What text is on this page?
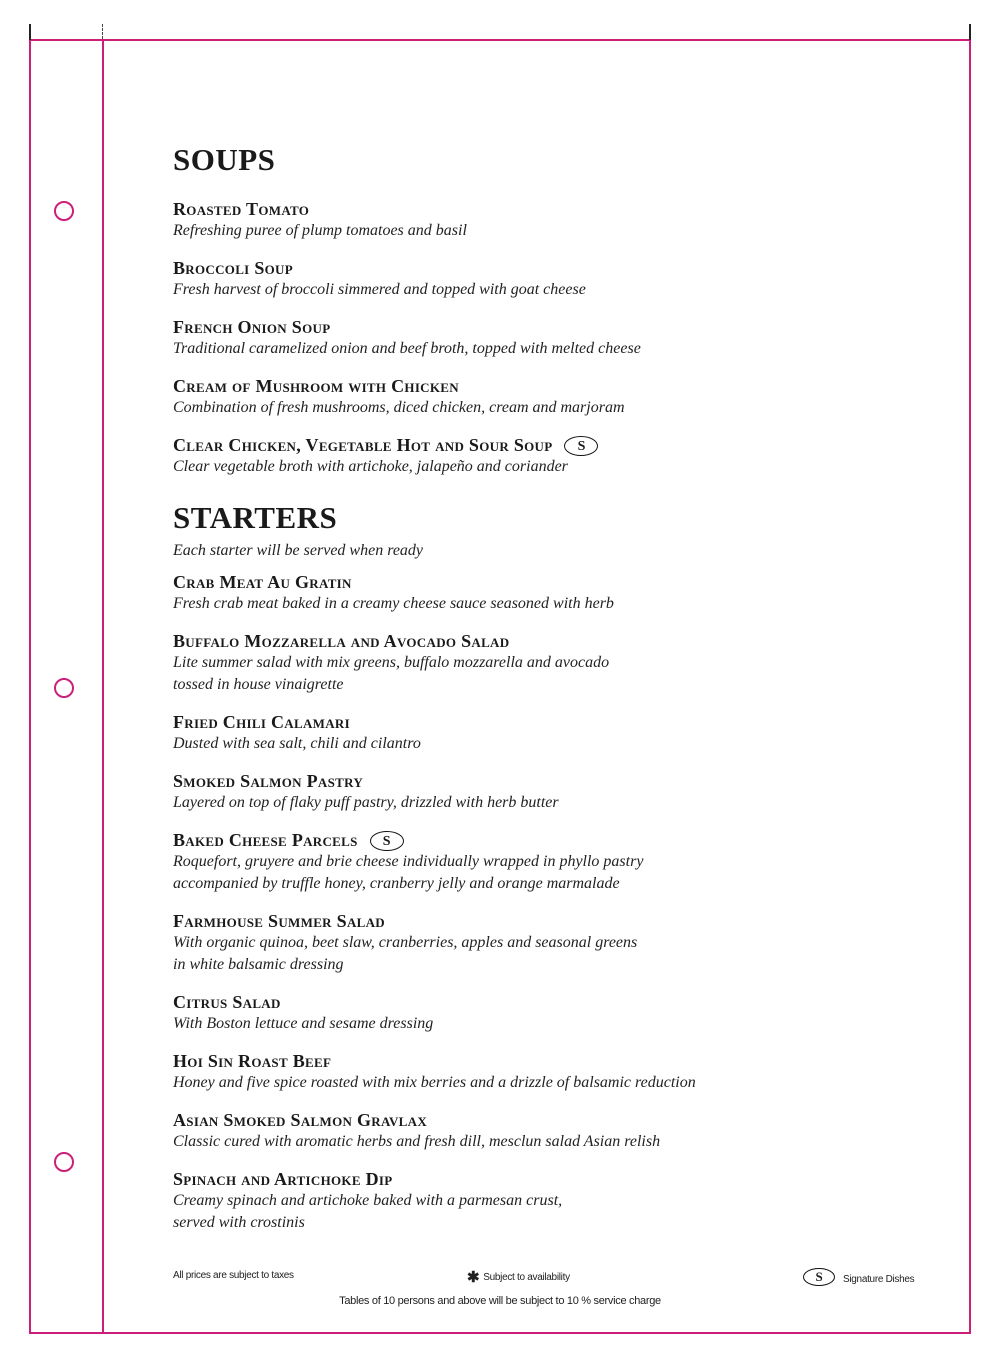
SOUPS
Roasted Tomato
Refreshing puree of plump tomatoes and basil
Broccoli Soup
Fresh harvest of broccoli simmered and topped with goat cheese
French Onion Soup
Traditional caramelized onion and beef broth, topped with melted cheese
Cream of Mushroom with Chicken
Combination of fresh mushrooms, diced chicken, cream and marjoram
Clear Chicken, Vegetable Hot and Sour Soup S
Clear vegetable broth with artichoke, jalapeño and coriander
STARTERS
Each starter will be served when ready
Crab Meat Au Gratin
Fresh crab meat baked in a creamy cheese sauce seasoned with herb
Buffalo Mozzarella and Avocado Salad
Lite summer salad with mix greens, buffalo mozzarella and avocado
tossed in house vinaigrette
Fried Chili Calamari
Dusted with sea salt, chili and cilantro
Smoked Salmon Pastry
Layered on top of flaky puff pastry, drizzled with herb butter
Baked Cheese Parcels S
Roquefort, gruyere and brie cheese individually wrapped in phyllo pastry
accompanied by truffle honey, cranberry jelly and orange marmalade
Farmhouse Summer Salad
With organic quinoa, beet slaw, cranberries, apples and seasonal greens
in white balsamic dressing
Citrus Salad
With Boston lettuce and sesame dressing
Hoi Sin Roast Beef
Honey and five spice roasted with mix berries and a drizzle of balsamic reduction
Asian Smoked Salmon Gravlax
Classic cured with aromatic herbs and fresh dill, mesclun salad Asian relish
Spinach and Artichoke Dip
Creamy spinach and artichoke baked with a parmesan crust,
served with crostinis
All prices are subject to taxes	✱ Subject to availability	S Signature Dishes
Tables of 10 persons and above will be subject to 10 % service charge
